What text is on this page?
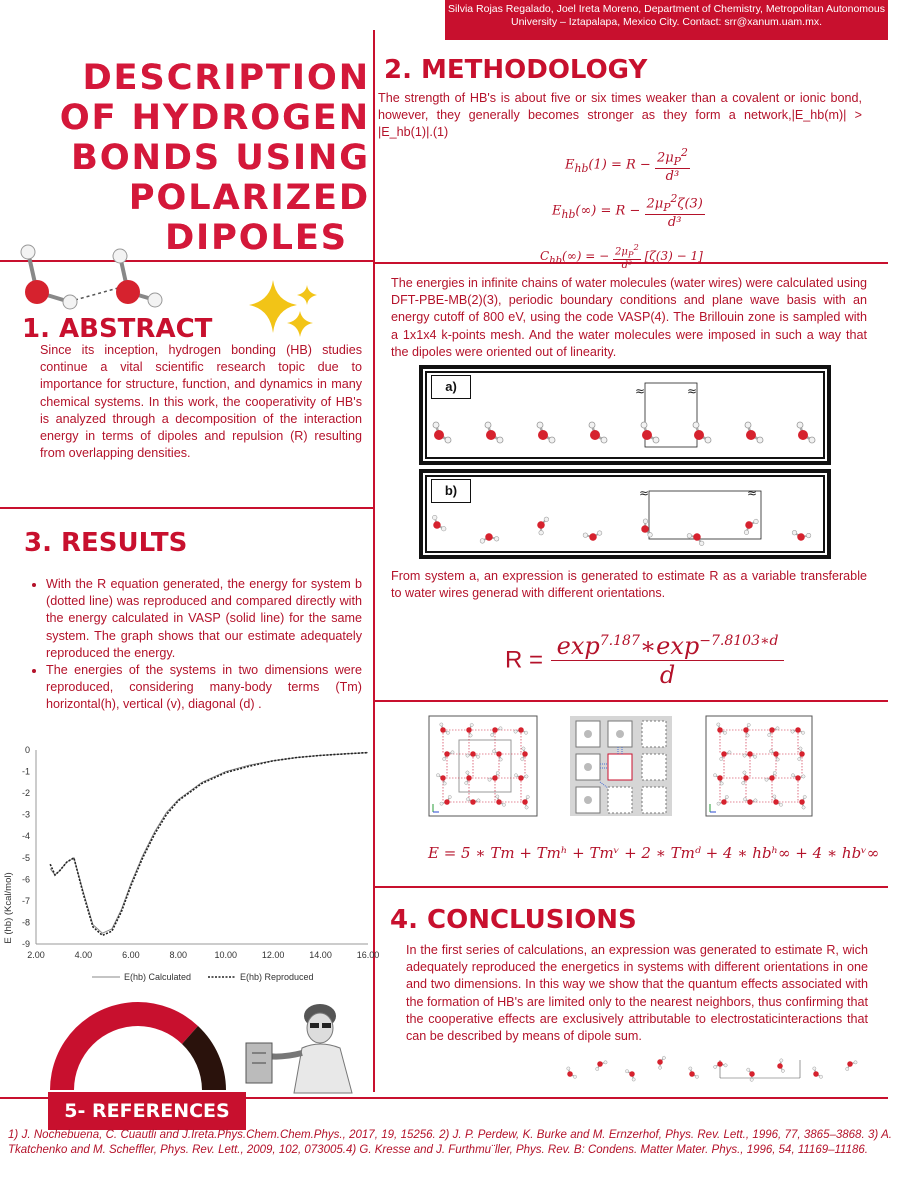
Silvia Rojas Regalado, Joel Ireta Moreno, Department of Chemistry, Metropolitan Autonomous University – Iztapalapa, Mexico City. Contact: srr@xanum.uam.mx.
DESCRIPTION
OF HYDROGEN
BONDS USING
POLARIZED
DIPOLES
1. ABSTRACT
Since its inception, hydrogen bonding (HB) studies continue a vital scientific research topic due to importance for structure, function, and dynamics in many chemical systems. In this work, the cooperativity of HB's is analyzed through a decomposition of the interaction energy in terms of dipoles and repulsion (R) resulting from overlapping densities.
3. RESULTS
• With the R equation generated, the energy for system b (dotted line) was reproduced and compared directly with the energy calculated in VASP (solid line) for the same system. The graph shows that our estimate adequately reproduced the energy.
• The energies of the systems in two dimensions were reproduced, considering many-body terms (Tm) horizontal(h), vertical (v), diagonal (d) .
E (hb) (Kcal/mol)
0
-1
-2
-3
-4
-5
-6
-7
-8
-9
2.00	4.00	6.00	8.00	10.00	12.00	14.00	16.00
E(hb) Calculated	E(hb) Reproduced
2. METHODOLOGY
The strength of HB's is about five or six times weaker than a covalent or ionic bond, however, they generally becomes stronger as they form a network,|E_hb(m)| > |E_hb(1)|.(1)
$E_{hb}(1) = R - \frac{2\mu_P^2}{\text{d³}}$
$E_{hb}(\infty) = R - \frac{2\mu_P^2\zeta(3)}{\text{d³}}$
$C_{hb}(\infty)$ = − $\frac{2\mu_P^2}{\text{d³}} [\zeta(3) - 1]$
The energies in infinite chains of water molecules (water wires) were calculated using DFT-PBE-MB(2)(3), periodic boundary conditions and plane wave basis with an energy cutoff of 800 eV, using the code VASP(4). The Brillouin zone is sampled with a 1x1x4 k-points mesh. And the water molecules were imposed in such a way that the dipoles were oriented out of linearity.
a)	≈	≈
b)	≈	≈
From system a, an expression is generated to estimate R as a variable transferable to water wires generad with different orientations.
$R = \frac{\exp^{7.187}∗\exp^{-7.8103∗d}}{d}$
E = 5 ∗ Tm + Tmʰ + Tmᵛ + 2 ∗ Tmᵈ + 4 ∗ hbʰ∞ + 4 ∗ hbᵛ∞
4. CONCLUSIONS
In the first series of calculations, an expression was generated to estimate R, wich adequately reproduced the energetics in systems with different orientations in one and two dimensions. In this way we show that the quantum effects associated with the formation of HB's are limited only to the nearest neighbors, thus confirming that the cooperative effects are exclusively attributable to electrostaticinteractions that can be described by means of dipole sum.
5- REFERENCES
1) J. Nochebuena, C. Cuautli and J.Ireta.Phys.Chem.Chem.Phys., 2017, 19, 15256. 2) J. P. Perdew, K. Burke and M. Ernzerhof, Phys. Rev. Lett., 1996, 77, 3865–3868. 3) A. Tkatchenko and M. Scheffler, Phys. Rev. Lett., 2009, 102, 073005.4) G. Kresse and J. Furthmu¨ller, Phys. Rev. B: Condens. Matter Mater. Phys., 1996, 54, 11169–11186.
